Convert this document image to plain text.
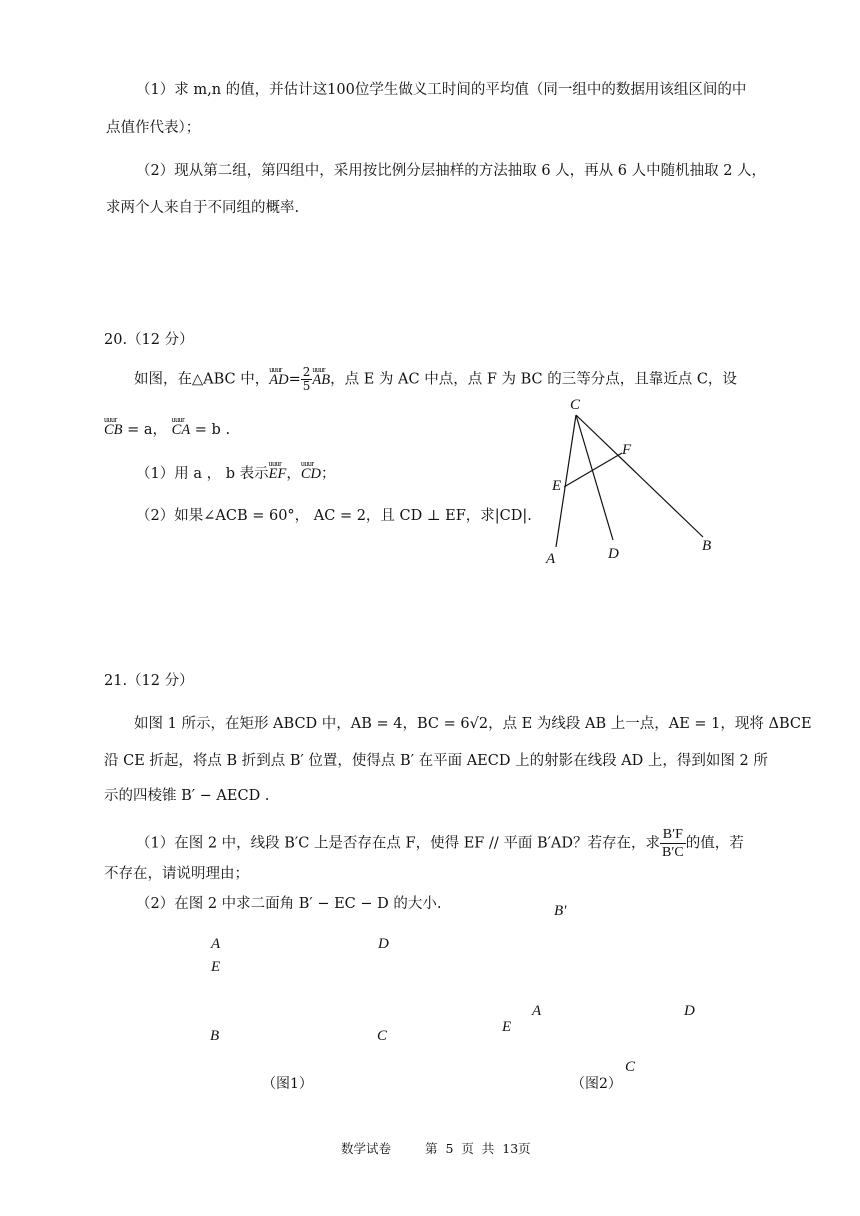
（1）求 m,n 的值，并估计这100位学生做义工时间的平均值（同一组中的数据用该组区间的中
点值作代表）；
（2）现从第二组，第四组中，采用按比例分层抽样的方法抽取 6 人，再从 6 人中随机抽取 2 人，
求两个人来自于不同组的概率.
20.（12 分）
如图，在△ABC 中，uuur $AD= \frac{2}{5}$ uuur AB，点 E 为 AC 中点，点 F 为 BC 的三等分点，且靠近点 C，设
uuur CB = a， uuur CA = b .
（1）用 a ， b 表示uuur EF，uuur CD；
（2）如果∠ACB = 60°， AC = 2，且 CD ⊥ EF，求|CD|.
C
F
E
A	D	B
21.（12 分）
如图 1 所示，在矩形 ABCD 中，AB = 4，BC = 6√2，点 E 为线段 AB 上一点，AE = 1，现将 ΔBCE
沿 CE 折起，将点 B 折到点 B′ 位置，使得点 B′ 在平面 AECD 上的射影在线段 AD 上，得到如图 2 所
示的四棱锥 B′ − AECD .
（1）在图 2 中，线段 B′C 上是否存在点 F，使得 EF // 平面 B′AD？若存在，求 $\frac{B'F}{B'C}$ 的值，若
不存在，请说明理由；
（2）在图 2 中求二面角 B′ − EC − D 的大小.
A	D
E
B	C
（图1）
B'
A	D
E
C
（图2）
数学试卷	第  5  页  共  13页
